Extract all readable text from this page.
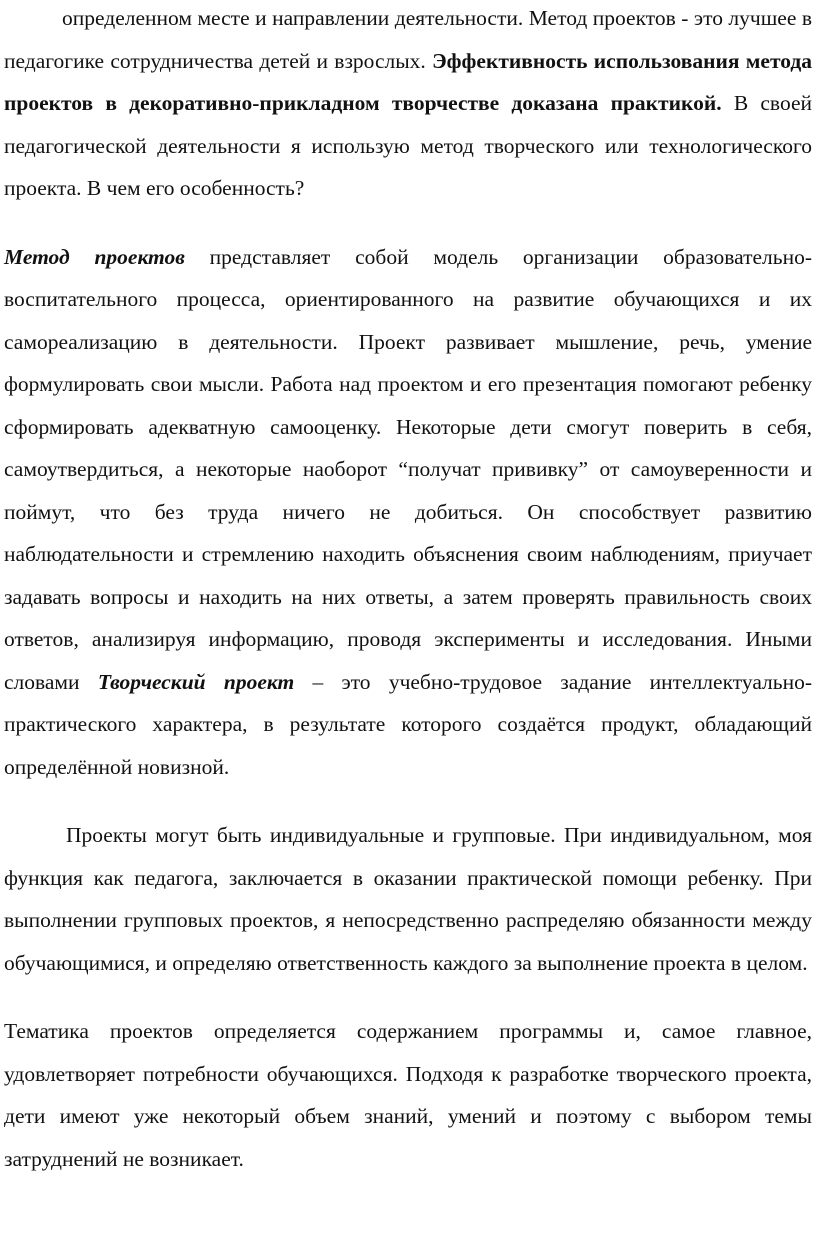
определенном месте и направлении деятельности. Метод проектов - это лучшее в педагогике сотрудничества детей и взрослых. Эффективность использования метода проектов в декоративно-прикладном творчестве доказана практикой. В своей педагогической деятельности я использую метод творческого или технологического проекта. В чем его особенность?

Метод проектов представляет собой модель организации образовательно-воспитательного процесса, ориентированного на развитие обучающихся и их самореализацию в деятельности. Проект развивает мышление, речь, умение формулировать свои мысли. Работа над проектом и его презентация помогают ребенку сформировать адекватную самооценку. Некоторые дети смогут поверить в себя, самоутвердиться, а некоторые наоборот “получат прививку” от самоуверенности и поймут, что без труда ничего не добиться. Он способствует развитию наблюдательности и стремлению находить объяснения своим наблюдениям, приучает задавать вопросы и находить на них ответы, а затем проверять правильность своих ответов, анализируя информацию, проводя эксперименты и исследования. Иными словами Творческий проект – это учебно-трудовое задание интеллектуально-практического характера, в результате которого создаётся продукт, обладающий определённой новизной.

Проекты могут быть индивидуальные и групповые. При индивидуальном, моя функция как педагога, заключается в оказании практической помощи ребенку. При выполнении групповых проектов, я непосредственно распределяю обязанности между обучающимися, и определяю ответственность каждого за выполнение проекта в целом.

Тематика проектов определяется содержанием программы и, самое главное, удовлетворяет потребности обучающихся. Подходя к разработке творческого проекта, дети имеют уже некоторый объем знаний, умений и поэтому с выбором темы затруднений не возникает.
